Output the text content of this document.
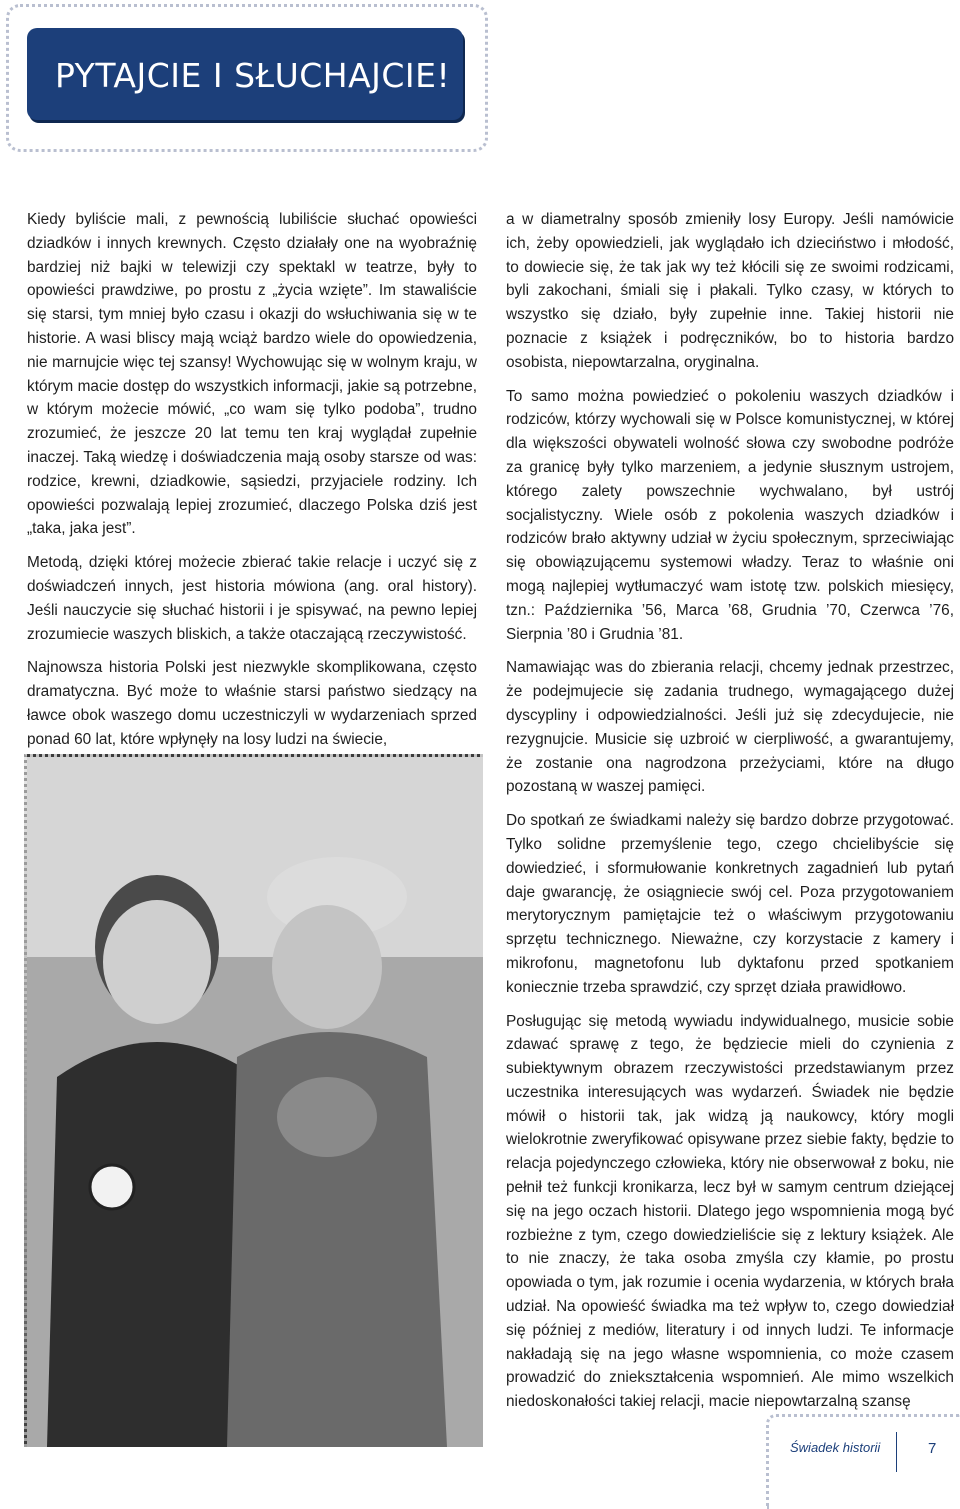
PYTAJCIE I SŁUCHAJCIE!

Kiedy byliście mali, z pewnością lubiliście słuchać opowieści dziadków i innych krewnych. Często działały one na wyobraźnię bardziej niż bajki w telewizji czy spektakl w teatrze, były to opowieści prawdziwe, po prostu z „życia wzięte”. Im stawaliście się starsi, tym mniej było czasu i okazji do wsłuchiwania się w te historie. A wasi bliscy mają wciąż bardzo wiele do opowiedzenia, nie marnujcie więc tej szansy! Wychowując się w wolnym kraju, w którym macie dostęp do wszystkich informacji, jakie są potrzebne, w którym możecie mówić, „co wam się tylko podoba”, trudno zrozumieć, że jeszcze 20 lat temu ten kraj wyglądał zupełnie inaczej. Taką wiedzę i doświadczenia mają osoby starsze od was: rodzice, krewni, dziadkowie, sąsiedzi, przyjaciele rodziny. Ich opowieści pozwalają lepiej zrozumieć, dlaczego Polska dziś jest „taka, jaka jest”.

Metodą, dzięki której możecie zbierać takie relacje i uczyć się z doświadczeń innych, jest historia mówiona (ang. oral history). Jeśli nauczycie się słuchać historii i je spisywać, na pewno lepiej zrozumiecie waszych bliskich, a także otaczającą rzeczywistość.

Najnowsza historia Polski jest niezwykle skomplikowana, często dramatyczna. Być może to właśnie starsi państwo siedzący na ławce obok waszego domu uczestniczyli w wydarzeniach sprzed ponad 60 lat, które wpłynęły na losy ludzi na świecie,

a w diametralny sposób zmieniły losy Europy. Jeśli namówicie ich, żeby opowiedzieli, jak wyglądało ich dzieciństwo i młodość, to dowiecie się, że tak jak wy też kłócili się ze swoimi rodzicami, byli zakochani, śmiali się i płakali. Tylko czasy, w których to wszystko się działo, były zupełnie inne. Takiej historii nie poznacie z książek i podręczników, bo to historia bardzo osobista, niepowtarzalna, oryginalna.

To samo można powiedzieć o pokoleniu waszych dziadków i rodziców, którzy wychowali się w Polsce komunistycznej, w której dla większości obywateli wolność słowa czy swobodne podróże za granicę były tylko marzeniem, a jedynie słusznym ustrojem, którego zalety powszechnie wychwalano, był ustrój socjalistyczny. Wiele osób z pokolenia waszych dziadków i rodziców brało aktywny udział w życiu społecznym, sprzeciwiając się obowiązującemu systemowi władzy. Teraz to właśnie oni mogą najlepiej wytłumaczyć wam istotę tzw. polskich miesięcy, tzn.: Października ’56, Marca ’68, Grudnia ’70, Czerwca ’76, Sierpnia ’80 i Grudnia ’81.

Namawiając was do zbierania relacji, chcemy jednak przestrzec, że podejmujecie się zadania trudnego, wymagającego dużej dyscypliny i odpowiedzialności. Jeśli już się zdecydujecie, nie rezygnujcie. Musicie się uzbroić w cierpliwość, a gwarantujemy, że zostanie ona nagrodzona przeżyciami, które na długo pozostaną w waszej pamięci.

Do spotkań ze świadkami należy się bardzo dobrze przygotować. Tylko solidne przemyślenie tego, czego chcielibyście się dowiedzieć, i sformułowanie konkretnych zagadnień lub pytań daje gwarancję, że osiągniecie swój cel. Poza przygotowaniem merytorycznym pamiętajcie też o właściwym przygotowaniu sprzętu technicznego. Nieważne, czy korzystacie z kamery i mikrofonu, magnetofonu lub dyktafonu przed spotkaniem koniecznie trzeba sprawdzić, czy sprzęt działa prawidłowo.

Posługując się metodą wywiadu indywidualnego, musicie sobie zdawać sprawę z tego, że będziecie mieli do czynienia z subiektywnym obrazem rzeczywistości przedstawianym przez uczestnika interesujących was wydarzeń. Świadek nie będzie mówił o historii tak, jak widzą ją naukowcy, który mogli wielokrotnie zweryfikować opisywane przez siebie fakty, będzie to relacja pojedynczego człowieka, który nie obserwował z boku, nie pełnił też funkcji kronikarza, lecz był w samym centrum dziejącej się na jego oczach historii. Dlatego jego wspomnienia mogą być rozbieżne z tym, czego dowiedzieliście się z lektury książek. Ale to nie znaczy, że taka osoba zmyśla czy kłamie, po prostu opowiada o tym, jak rozumie i ocenia wydarzenia, w których brała udział. Na opowieść świadka ma też wpływ to, czego dowiedział się później z mediów, literatury i od innych ludzi. Te informacje nakładają się na jego własne wspomnienia, co może czasem prowadzić do zniekształcenia wspomnień. Ale mimo wszelkich niedoskonałości takiej relacji, macie niepowtarzalną szansę

Świadek historii	7
